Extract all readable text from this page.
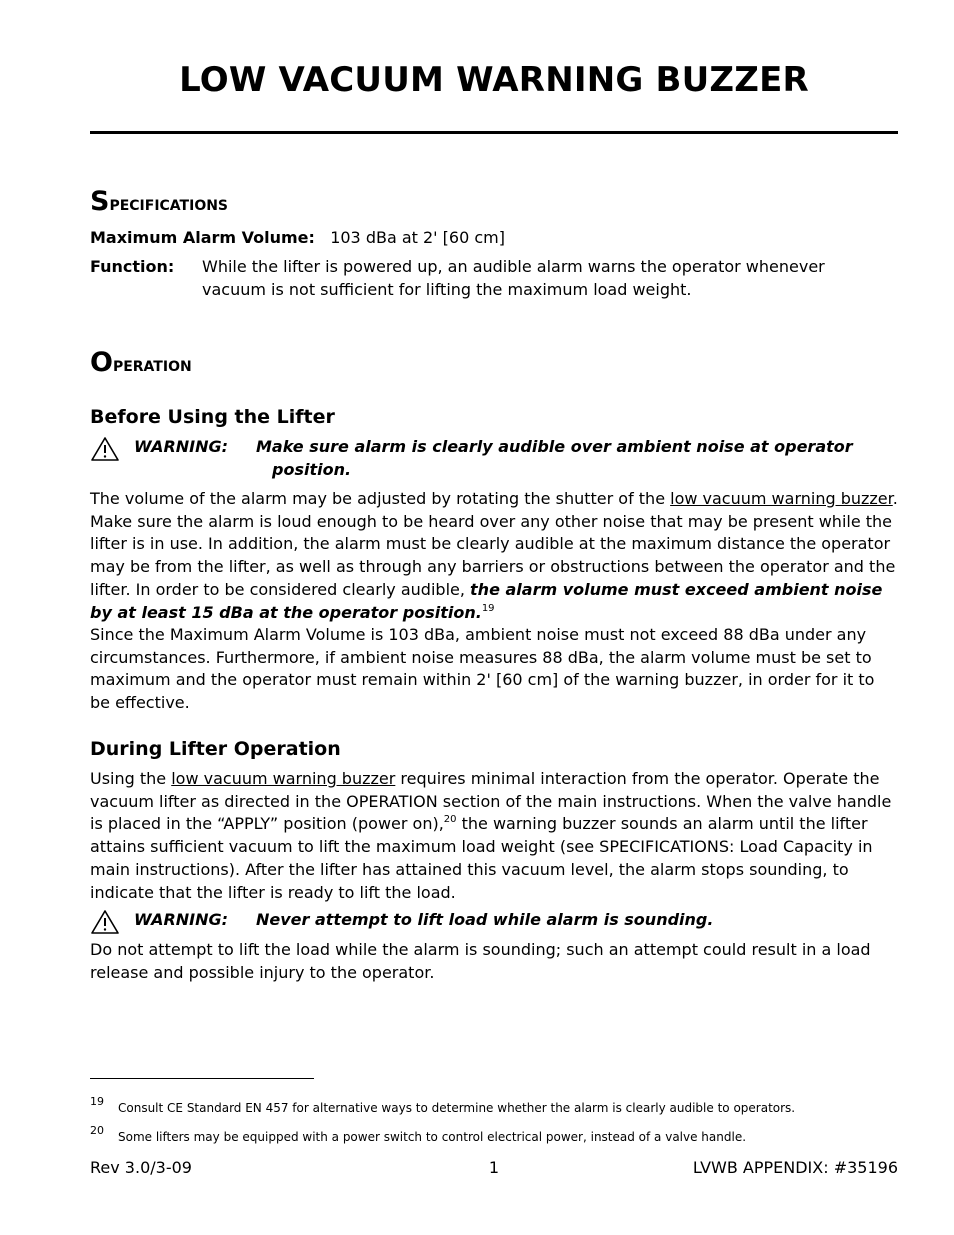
LOW VACUUM WARNING BUZZER
Specifications
Maximum Alarm Volume: 103 dBa at 2' [60 cm]
Function: While the lifter is powered up, an audible alarm warns the operator whenever vacuum is not sufficient for lifting the maximum load weight.
Operation
Before Using the Lifter
WARNING: Make sure alarm is clearly audible over ambient noise at operator
position.

The volume of the alarm may be adjusted by rotating the shutter of the low vacuum warning buzzer. Make sure the alarm is loud enough to be heard over any other noise that may be present while the lifter is in use. In addition, the alarm must be clearly audible at the maximum distance the operator may be from the lifter, as well as through any barriers or obstructions between the operator and the lifter. In order to be considered clearly audible, the alarm volume must exceed ambient noise by at least 15 dBa at the operator position.$^{19}$

Since the Maximum Alarm Volume is 103 dBa, ambient noise must not exceed 88 dBa under any circumstances. Furthermore, if ambient noise measures 88 dBa, the alarm volume must be set to maximum and the operator must remain within 2' [60 cm] of the warning buzzer, in order for it to be effective.

During Lifter Operation

Using the low vacuum warning buzzer requires minimal interaction from the operator. Operate the vacuum lifter as directed in the OPERATION section of the main instructions. When the valve handle is placed in the “APPLY” position (power on),$^{20}$ the warning buzzer sounds an alarm until the lifter attains sufficient vacuum to lift the maximum load weight (see SPECIFICATIONS: Load Capacity in main instructions). After the lifter has attained this vacuum level, the alarm stops sounding, to indicate that the lifter is ready to lift the load.

WARNING: Never attempt to lift load while alarm is sounding.

Do not attempt to lift the load while the alarm is sounding; such an attempt could result in a load release and possible injury to the operator.

19 Consult CE Standard EN 457 for alternative ways to determine whether the alarm is clearly audible to operators.
20 Some lifters may be equipped with a power switch to control electrical power, instead of a valve handle.
Rev 3.0/3-09	1	LVWB APPENDIX: #35196
